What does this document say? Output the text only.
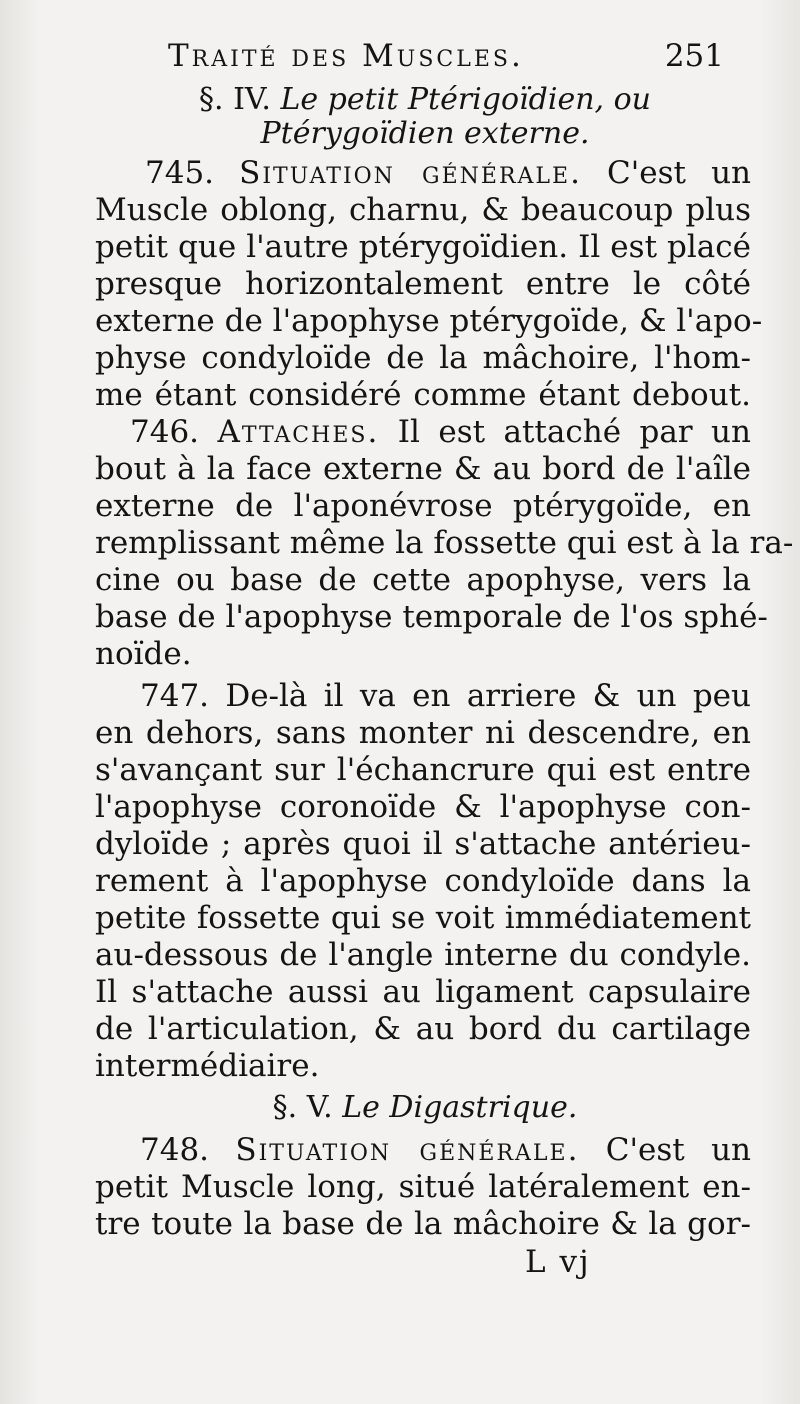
Traité des Muscles.	251
§. IV. Le petit Ptérigoïdien, ou
Ptérygoïdien externe.
745. Situation générale. C'est un
Muscle oblong, charnu, & beaucoup plus
petit que l'autre ptérygoïdien. Il est placé
presque horizontalement entre le côté
externe de l'apophyse ptérygoïde, & l'apo-
physe condyloïde de la mâchoire, l'hom-
me étant considéré comme étant debout.
746. Attaches. Il est attaché par un
bout à la face externe & au bord de l'aîle
externe de l'aponévrose ptérygoïde, en
remplissant même la fossette qui est à la ra-
cine ou base de cette apophyse, vers la
base de l'apophyse temporale de l'os sphé-
noïde.
747. De-là il va en arriere & un peu
en dehors, sans monter ni descendre, en
s'avançant sur l'échancrure qui est entre
l'apophyse coronoïde & l'apophyse con-
dyloïde ; après quoi il s'attache antérieu-
rement à l'apophyse condyloïde dans la
petite fossette qui se voit immédiatement
au-dessous de l'angle interne du condyle.
Il s'attache aussi au ligament capsulaire
de l'articulation, & au bord du cartilage
intermédiaire.
§. V. Le Digastrique.
748. Situation générale. C'est un
petit Muscle long, situé latéralement en-
tre toute la base de la mâchoire & la gor-
L vj
